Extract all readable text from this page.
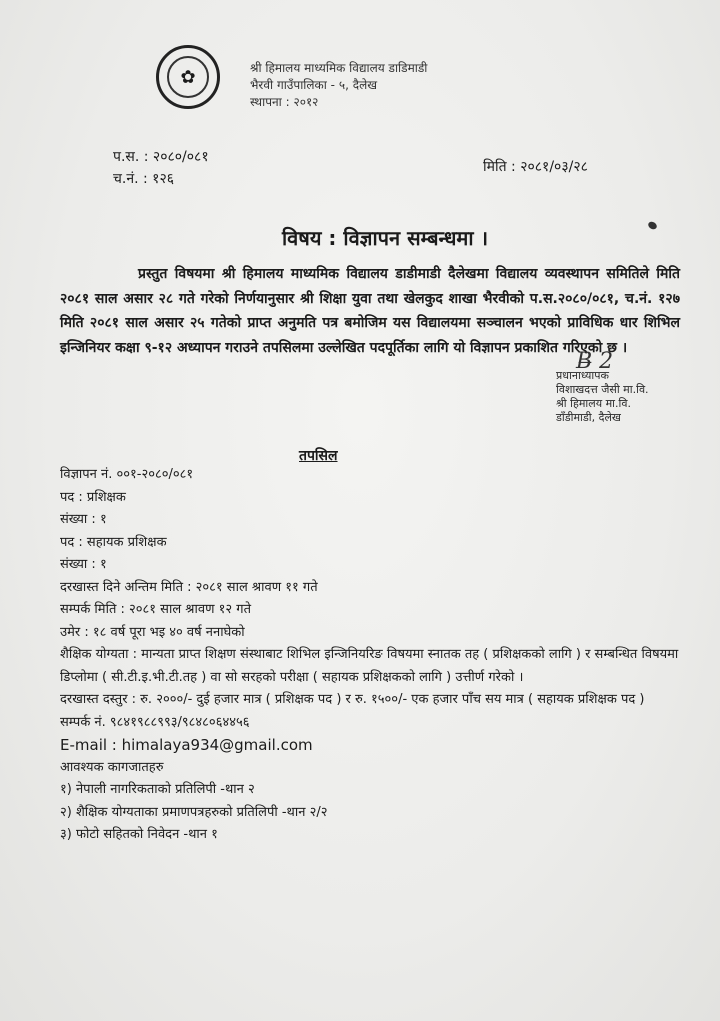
✿	श्री हिमालय माध्यमिक विद्यालय डाडिमाडी
भैरवी गाउँपालिका - ५, दैलेख
स्थापना : २०१२
प.स. : २०८०/०८१
च.नं. : १२६
मिति : २०८१/०३/२८
विषय : विज्ञापन सम्बन्धमा ।
प्रस्तुत विषयमा श्री हिमालय माध्यमिक विद्यालय डाडीमाडी दैलेखमा विद्यालय व्यवस्थापन समितिले मिति २०८१ साल असार २८ गते गरेको निर्णयानुसार श्री शिक्षा युवा तथा खेलकुद शाखा भैरवीको प.स.२०८०/०८१, च.नं. १२७ मिति २०८१ साल असार २५ गतेको प्राप्त अनुमति पत्र बमोजिम यस विद्यालयमा सञ्चालन भएको प्राविधिक धार शिभिल इन्जिनियर कक्षा ९-१२ अध्यापन गराउने तपसिलमा उल्लेखित पदपूर्तिका लागि यो विज्ञापन प्रकाशित गरिएको छ ।
B̶ 2
प्रधानाध्यापक
विशाखदत्त जैसी मा.वि.
श्री हिमालय मा.वि.
डाँडीमाडी, दैलेख
तपसिल
विज्ञापन नं. ००१-२०८०/०८१
पद : प्रशिक्षक
संख्या : १
पद : सहायक प्रशिक्षक
संख्या : १
दरखास्त दिने अन्तिम मिति : २०८१ साल श्रावण ११ गते
सम्पर्क मिति : २०८१ साल श्रावण १२ गते
उमेर : १८ वर्ष पूरा भइ ४० वर्ष ननाघेको
शैक्षिक योग्यता : मान्यता प्राप्त शिक्षण संस्थाबाट शिभिल इन्जिनियरिङ विषयमा स्नातक तह ( प्रशिक्षकको लागि ) र सम्बन्धित विषयमा डिप्लोमा ( सी.टी.इ.भी.टी.तह ) वा सो सरहको परीक्षा ( सहायक प्रशिक्षकको लागि ) उत्तीर्ण गरेको ।
दरखास्त दस्तुर : रु. २०००/- दुई हजार मात्र ( प्रशिक्षक पद ) र रु. १५००/- एक हजार पाँच सय मात्र ( सहायक प्रशिक्षक पद )
सम्पर्क नं. ९८४१९८८९९३/९८४८०६४४५६
E-mail : himalaya934@gmail.com
आवश्यक कागजातहरु
१) नेपाली नागरिकताको प्रतिलिपी -थान २
२) शैक्षिक योग्यताका प्रमाणपत्रहरुको प्रतिलिपी -थान २/२
३) फोटो सहितको निवेदन -थान १
